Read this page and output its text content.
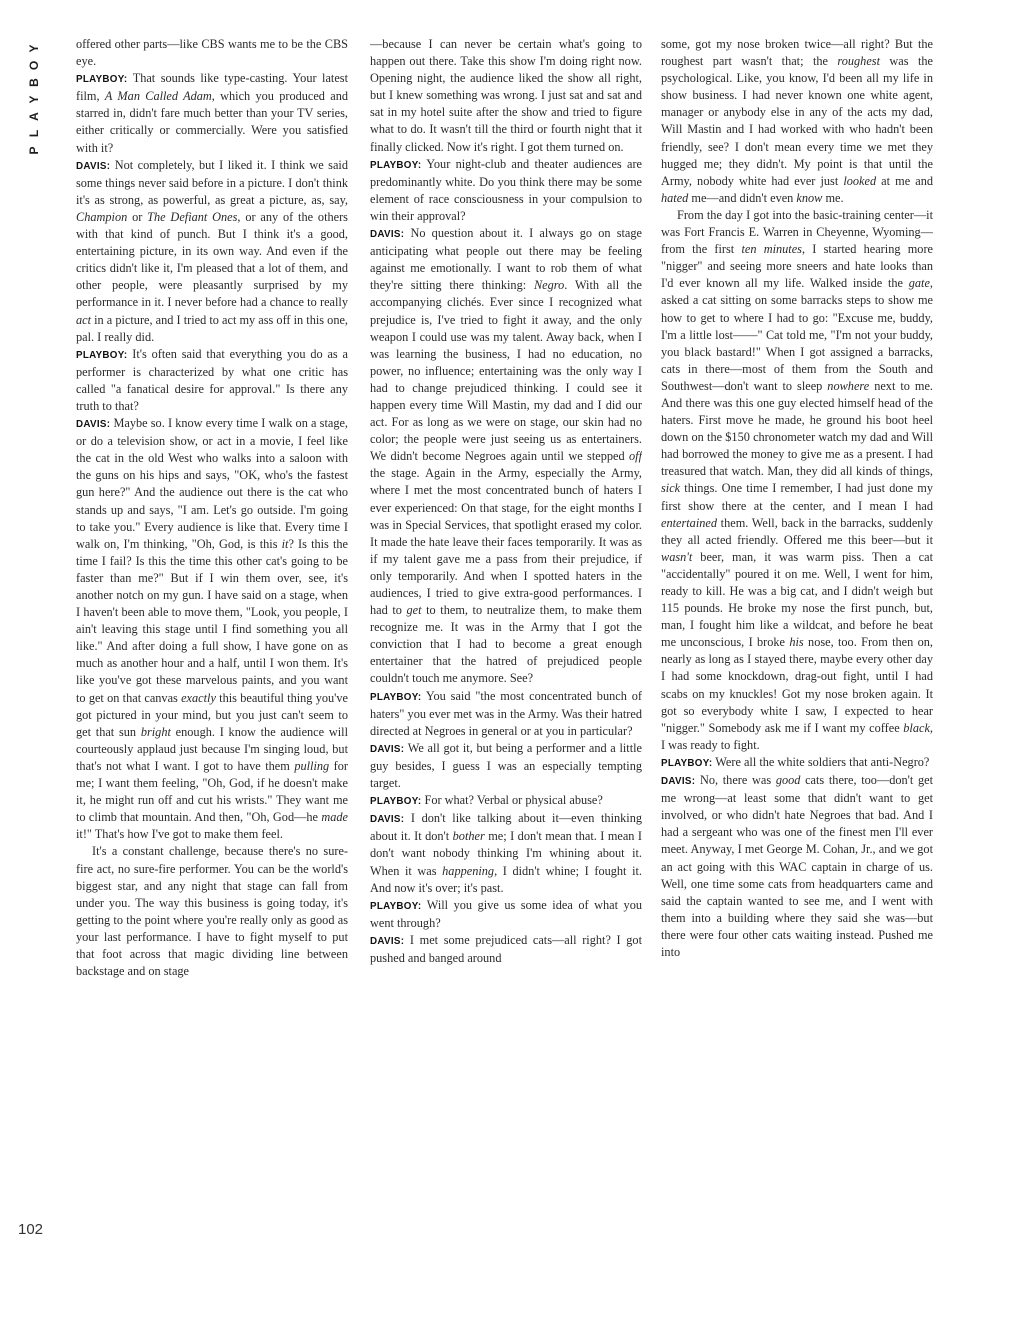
Y
O
B
Y
A
L
P
102

offered other parts—like CBS wants me to be the CBS eye.

PLAYBOY: That sounds like type-casting. Your latest film, A Man Called Adam, which you produced and starred in, didn't fare much better than your TV series, either critically or commercially. Were you satisfied with it?

DAVIS: Not completely, but I liked it. I think we said some things never said before in a picture. I don't think it's as strong, as powerful, as great a picture, as, say, Champion or The Defiant Ones, or any of the others with that kind of punch. But I think it's a good, entertaining picture, in its own way. And even if the critics didn't like it, I'm pleased that a lot of them, and other people, were pleasantly surprised by my performance in it. I never before had a chance to really act in a picture, and I tried to act my ass off in this one, pal. I really did.

PLAYBOY: It's often said that everything you do as a performer is characterized by what one critic has called "a fanatical desire for approval." Is there any truth to that?

DAVIS: Maybe so. I know every time I walk on a stage, or do a television show, or act in a movie, I feel like the cat in the old West who walks into a saloon with the guns on his hips and says, "OK, who's the fastest gun here?" And the audience out there is the cat who stands up and says, "I am. Let's go outside. I'm going to take you." Every audience is like that. Every time I walk on, I'm thinking, "Oh, God, is this it? Is this the time I fail? Is this the time this other cat's going to be faster than me?" But if I win them over, see, it's another notch on my gun. I have said on a stage, when I haven't been able to move them, "Look, you people, I ain't leaving this stage until I find something you all like." And after doing a full show, I have gone on as much as another hour and a half, until I won them. It's like you've got these marvelous paints, and you want to get on that canvas exactly this beautiful thing you've got pictured in your mind, but you just can't seem to get that sun bright enough. I know the audience will courteously applaud just because I'm singing loud, but that's not what I want. I got to have them pulling for me; I want them feeling, "Oh, God, if he doesn't make it, he might run off and cut his wrists." They want me to climb that mountain. And then, "Oh, God—he made it!" That's how I've got to make them feel.

It's a constant challenge, because there's no sure-fire act, no sure-fire performer. You can be the world's biggest star, and any night that stage can fall from under you. The way this business is going today, it's getting to the point where you're really only as good as your last performance. I have to fight myself to put that foot across that magic dividing line between backstage and on stage

—because I can never be certain what's going to happen out there. Take this show I'm doing right now. Opening night, the audience liked the show all right, but I knew something was wrong. I just sat and sat and sat in my hotel suite after the show and tried to figure what to do. It wasn't till the third or fourth night that it finally clicked. Now it's right. I got them turned on.

PLAYBOY: Your night-club and theater audiences are predominantly white. Do you think there may be some element of race consciousness in your compulsion to win their approval?

DAVIS: No question about it. I always go on stage anticipating what people out there may be feeling against me emotionally. I want to rob them of what they're sitting there thinking: Negro. With all the accompanying clichés. Ever since I recognized what prejudice is, I've tried to fight it away, and the only weapon I could use was my talent. Away back, when I was learning the business, I had no education, no power, no influence; entertaining was the only way I had to change prejudiced thinking. I could see it happen every time Will Mastin, my dad and I did our act. For as long as we were on stage, our skin had no color; the people were just seeing us as entertainers. We didn't become Negroes again until we stepped off the stage. Again in the Army, especially the Army, where I met the most concentrated bunch of haters I ever experienced: On that stage, for the eight months I was in Special Services, that spotlight erased my color. It made the hate leave their faces temporarily. It was as if my talent gave me a pass from their prejudice, if only temporarily. And when I spotted haters in the audiences, I tried to give extra-good performances. I had to get to them, to neutralize them, to make them recognize me. It was in the Army that I got the conviction that I had to become a great enough entertainer that the hatred of prejudiced people couldn't touch me anymore. See?

PLAYBOY: You said "the most concentrated bunch of haters" you ever met was in the Army. Was their hatred directed at Negroes in general or at you in particular?

DAVIS: We all got it, but being a performer and a little guy besides, I guess I was an especially tempting target.

PLAYBOY: For what? Verbal or physical abuse?

DAVIS: I don't like talking about it—even thinking about it. It don't bother me; I don't mean that. I mean I don't want nobody thinking I'm whining about it. When it was happening, I didn't whine; I fought it. And now it's over; it's past.

PLAYBOY: Will you give us some idea of what you went through?

DAVIS: I met some prejudiced cats—all right? I got pushed and banged around

some, got my nose broken twice—all right? But the roughest part wasn't that; the roughest was the psychological. Like, you know, I'd been all my life in show business. I had never known one white agent, manager or anybody else in any of the acts my dad, Will Mastin and I had worked with who hadn't been friendly, see? I don't mean every time we met they hugged me; they didn't. My point is that until the Army, nobody white had ever just looked at me and hated me—and didn't even know me.

From the day I got into the basic-training center—it was Fort Francis E. Warren in Cheyenne, Wyoming—from the first ten minutes, I started hearing more "nigger" and seeing more sneers and hate looks than I'd ever known all my life. Walked inside the gate, asked a cat sitting on some barracks steps to show me how to get to where I had to go: "Excuse me, buddy, I'm a little lost——" Cat told me, "I'm not your buddy, you black bastard!" When I got assigned a barracks, cats in there—most of them from the South and Southwest—don't want to sleep nowhere next to me. And there was this one guy elected himself head of the haters. First move he made, he ground his boot heel down on the $150 chronometer watch my dad and Will had borrowed the money to give me as a present. I had treasured that watch. Man, they did all kinds of things, sick things. One time I remember, I had just done my first show there at the center, and I mean I had entertained them. Well, back in the barracks, suddenly they all acted friendly. Offered me this beer—but it wasn't beer, man, it was warm piss. Then a cat "accidentally" poured it on me. Well, I went for him, ready to kill. He was a big cat, and I didn't weigh but 115 pounds. He broke my nose the first punch, but, man, I fought him like a wildcat, and before he beat me unconscious, I broke his nose, too. From then on, nearly as long as I stayed there, maybe every other day I had some knockdown, drag-out fight, until I had scabs on my knuckles! Got my nose broken again. It got so everybody white I saw, I expected to hear "nigger." Somebody ask me if I want my coffee black, I was ready to fight.

PLAYBOY: Were all the white soldiers that anti-Negro?

DAVIS: No, there was good cats there, too—don't get me wrong—at least some that didn't want to get involved, or who didn't hate Negroes that bad. And I had a sergeant who was one of the finest men I'll ever meet. Anyway, I met George M. Cohan, Jr., and we got an act going with this WAC captain in charge of us. Well, one time some cats from headquarters came and said the captain wanted to see me, and I went with them into a building where they said she was—but there were four other cats waiting instead. Pushed me into
